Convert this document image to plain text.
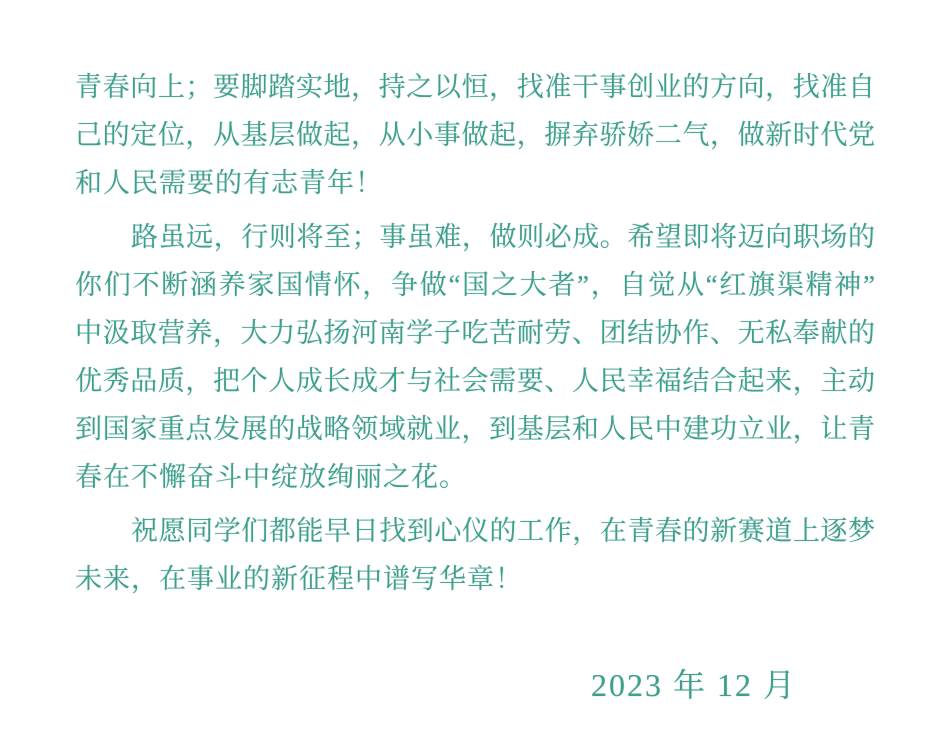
青春向上；要脚踏实地，持之以恒，找准干事创业的方向，找准自
己的定位，从基层做起，从小事做起，摒弃骄娇二气，做新时代党
和人民需要的有志青年！
路虽远，行则将至；事虽难，做则必成。希望即将迈向职场的
你们不断涵养家国情怀，争做“国之大者”，自觉从“红旗渠精神”
中汲取营养，大力弘扬河南学子吃苦耐劳、团结协作、无私奉献的
优秀品质，把个人成长成才与社会需要、人民幸福结合起来，主动
到国家重点发展的战略领域就业，到基层和人民中建功立业，让青
春在不懈奋斗中绽放绚丽之花。
祝愿同学们都能早日找到心仪的工作，在青春的新赛道上逐梦
未来，在事业的新征程中谱写华章！
2023 年 12 月
